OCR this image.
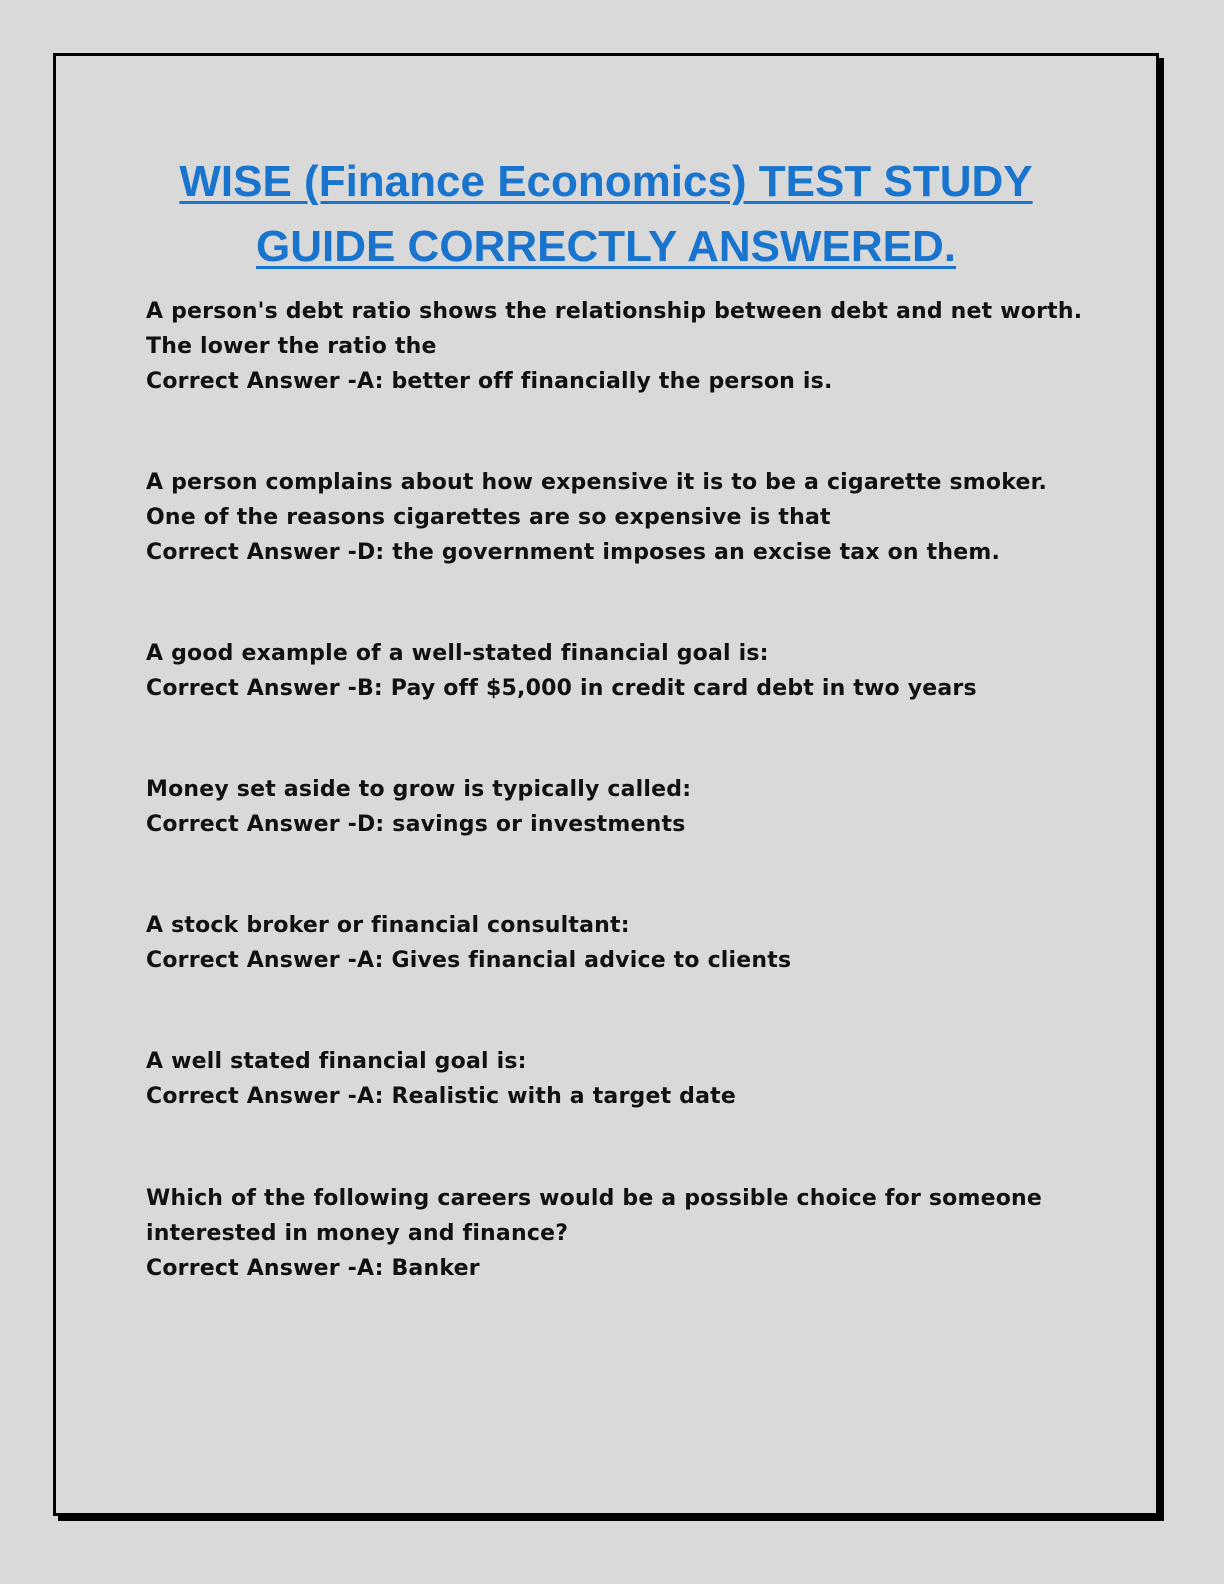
WISE (Finance Economics) TEST STUDY
GUIDE CORRECTLY ANSWERED.
A person's debt ratio shows the relationship between debt and net worth.
The lower the ratio the
Correct Answer -A: better off financially the person is.
A person complains about how expensive it is to be a cigarette smoker.
One of the reasons cigarettes are so expensive is that
Correct Answer -D: the government imposes an excise tax on them.
A good example of a well-stated financial goal is:
Correct Answer -B: Pay off $5,000 in credit card debt in two years
Money set aside to grow is typically called:
Correct Answer -D: savings or investments
A stock broker or financial consultant:
Correct Answer -A: Gives financial advice to clients
A well stated financial goal is:
Correct Answer -A: Realistic with a target date
Which of the following careers would be a possible choice for someone
interested in money and finance?
Correct Answer -A: Banker
